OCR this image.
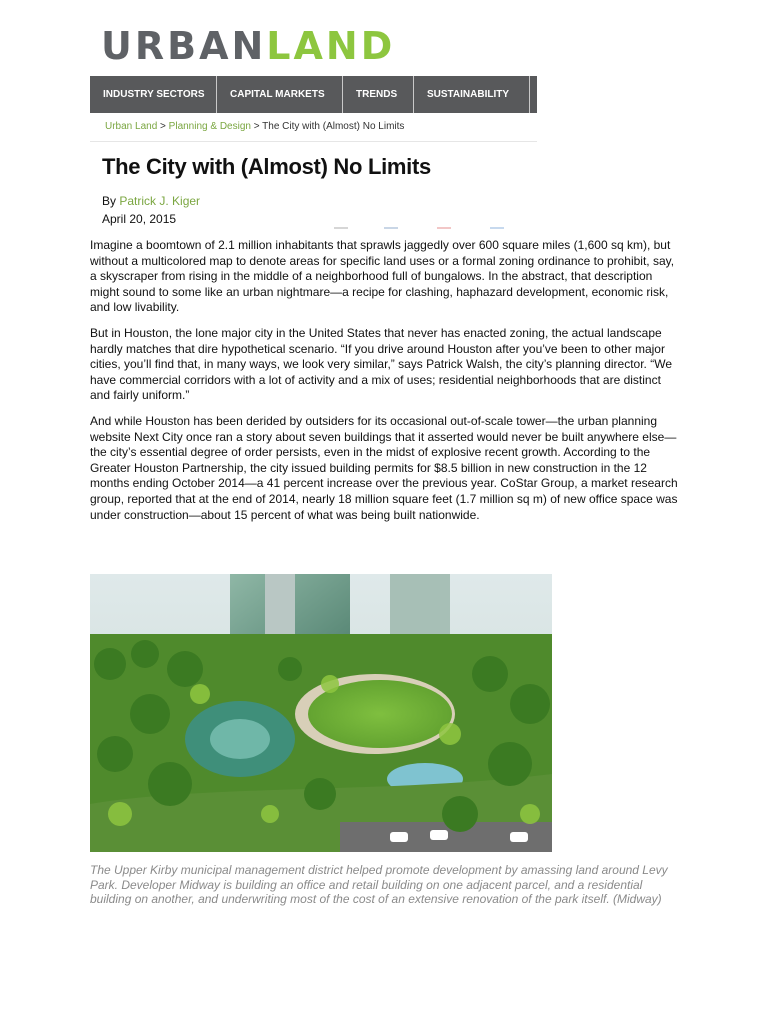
URBANLAND
INDUSTRY SECTORS	CAPITAL MARKETS	TRENDS	SUSTAINABILITY
Urban Land > Planning & Design > The City with (Almost) No Limits
The City with (Almost) No Limits
By Patrick J. Kiger
April 20, 2015

Imagine a boomtown of 2.1 million inhabitants that sprawls jaggedly over 600 square miles (1,600 sq km), but without a multicolored map to denote areas for specific land uses or a formal zoning ordinance to prohibit, say, a skyscraper from rising in the middle of a neighborhood full of bungalows. In the abstract, that description might sound to some like an urban nightmare—a recipe for clashing, haphazard development, economic risk, and low livability.

But in Houston, the lone major city in the United States that never has enacted zoning, the actual landscape hardly matches that dire hypothetical scenario. “If you drive around Houston after you’ve been to other major cities, you’ll find that, in many ways, we look very similar,” says Patrick Walsh, the city’s planning director. “We have commercial corridors with a lot of activity and a mix of uses; residential neighborhoods that are distinct and fairly uniform.”

And while Houston has been derided by outsiders for its occasional out-of-scale tower—the urban planning website Next City once ran a story about seven buildings that it asserted would never be built anywhere else—the city’s essential degree of order persists, even in the midst of explosive recent growth. According to the Greater Houston Partnership, the city issued building permits for $8.5 billion in new construction in the 12 months ending October 2014—a 41 percent increase over the previous year. CoStar Group, a market research group, reported that at the end of 2014, nearly 18 million square feet (1.7 million sq m) of new office space was under construction—about 15 percent of what was being built nationwide.

The Upper Kirby municipal management district helped promote development by amassing land around Levy Park. Developer Midway is building an office and retail building on one adjacent parcel, and a residential building on another, and underwriting most of the cost of an extensive renovation of the park itself. (Midway)
